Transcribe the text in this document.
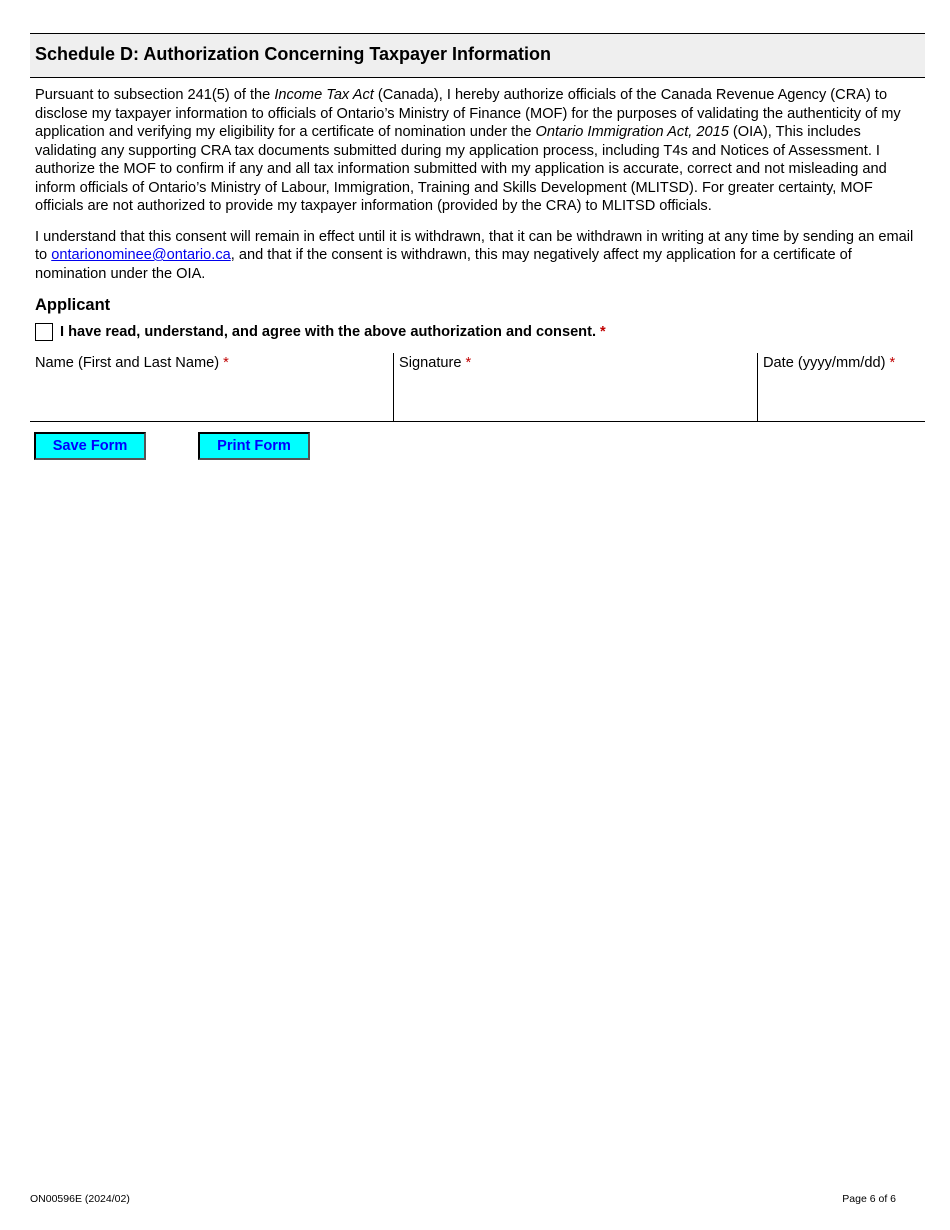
Schedule D: Authorization Concerning Taxpayer Information
Pursuant to subsection 241(5) of the Income Tax Act (Canada), I hereby authorize officials of the Canada Revenue Agency (CRA) to disclose my taxpayer information to officials of Ontario’s Ministry of Finance (MOF) for the purposes of validating the authenticity of my application and verifying my eligibility for a certificate of nomination under the Ontario Immigration Act, 2015 (OIA), This includes validating any supporting CRA tax documents submitted during my application process, including T4s and Notices of Assessment. I authorize the MOF to confirm if any and all tax information submitted with my application is accurate, correct and not misleading and inform officials of Ontario’s Ministry of Labour, Immigration, Training and Skills Development (MLITSD). For greater certainty, MOF officials are not authorized to provide my taxpayer information (provided by the CRA) to MLITSD officials.
I understand that this consent will remain in effect until it is withdrawn, that it can be withdrawn in writing at any time by sending an email to ontarionominee@ontario.ca, and that if the consent is withdrawn, this may negatively affect my application for a certificate of nomination under the OIA.
Applicant
I have read, understand, and agree with the above authorization and consent. *
Name (First and Last Name) *	Signature *	Date (yyyy/mm/dd) *
Save Form	Print Form
ON00596E (2024/02)	Page 6 of 6
